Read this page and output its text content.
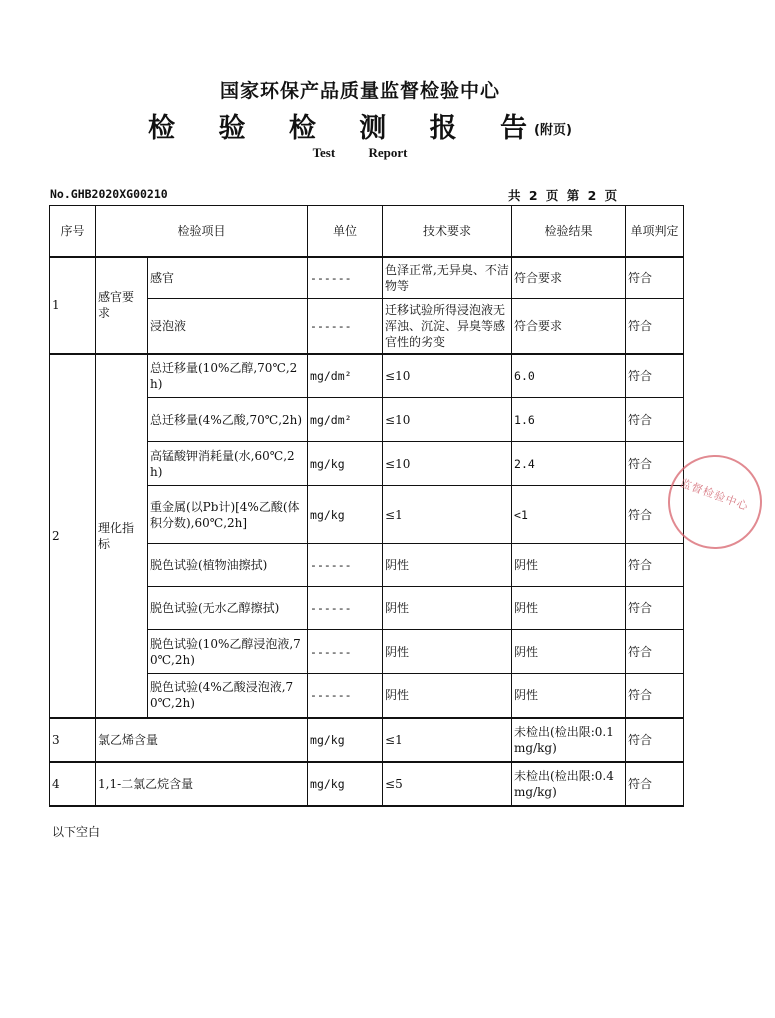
国家环保产品质量监督检验中心
检 验 检 测 报 告(附页)
Test Report
No.GHB2020XG00210	共 2 页 第 2 页
序号	检验项目		单位	技术要求	检验结果	单项判定
1	感官要求	感官	------	色泽正常,无异臭、不洁物等	符合要求	符合
		浸泡液	------	迁移试验所得浸泡液无浑浊、沉淀、异臭等感官性的劣变	符合要求	符合
2	理化指标	总迁移量(10%乙醇,70℃,2h)	mg/dm²	≤10	6.0	符合
		总迁移量(4%乙酸,70℃,2h)	mg/dm²	≤10	1.6	符合
		高锰酸钾消耗量(水,60℃,2h)	mg/kg	≤10	2.4	符合
		重金属(以Pb计)[4%乙酸(体积分数),60℃,2h]	mg/kg	≤1	<1	符合
		脱色试验(植物油擦拭)	------	阴性	阴性	符合
		脱色试验(无水乙醇擦拭)	------	阴性	阴性	符合
		脱色试验(10%乙醇浸泡液,70℃,2h)	------	阴性	阴性	符合
		脱色试验(4%乙酸浸泡液,70℃,2h)	------	阴性	阴性	符合
3	氯乙烯含量		mg/kg	≤1	未检出(检出限:0.1mg/kg)	符合
4	1,1-二氯乙烷含量		mg/kg	≤5	未检出(检出限:0.4mg/kg)	符合
以下空白
监督检验中心
